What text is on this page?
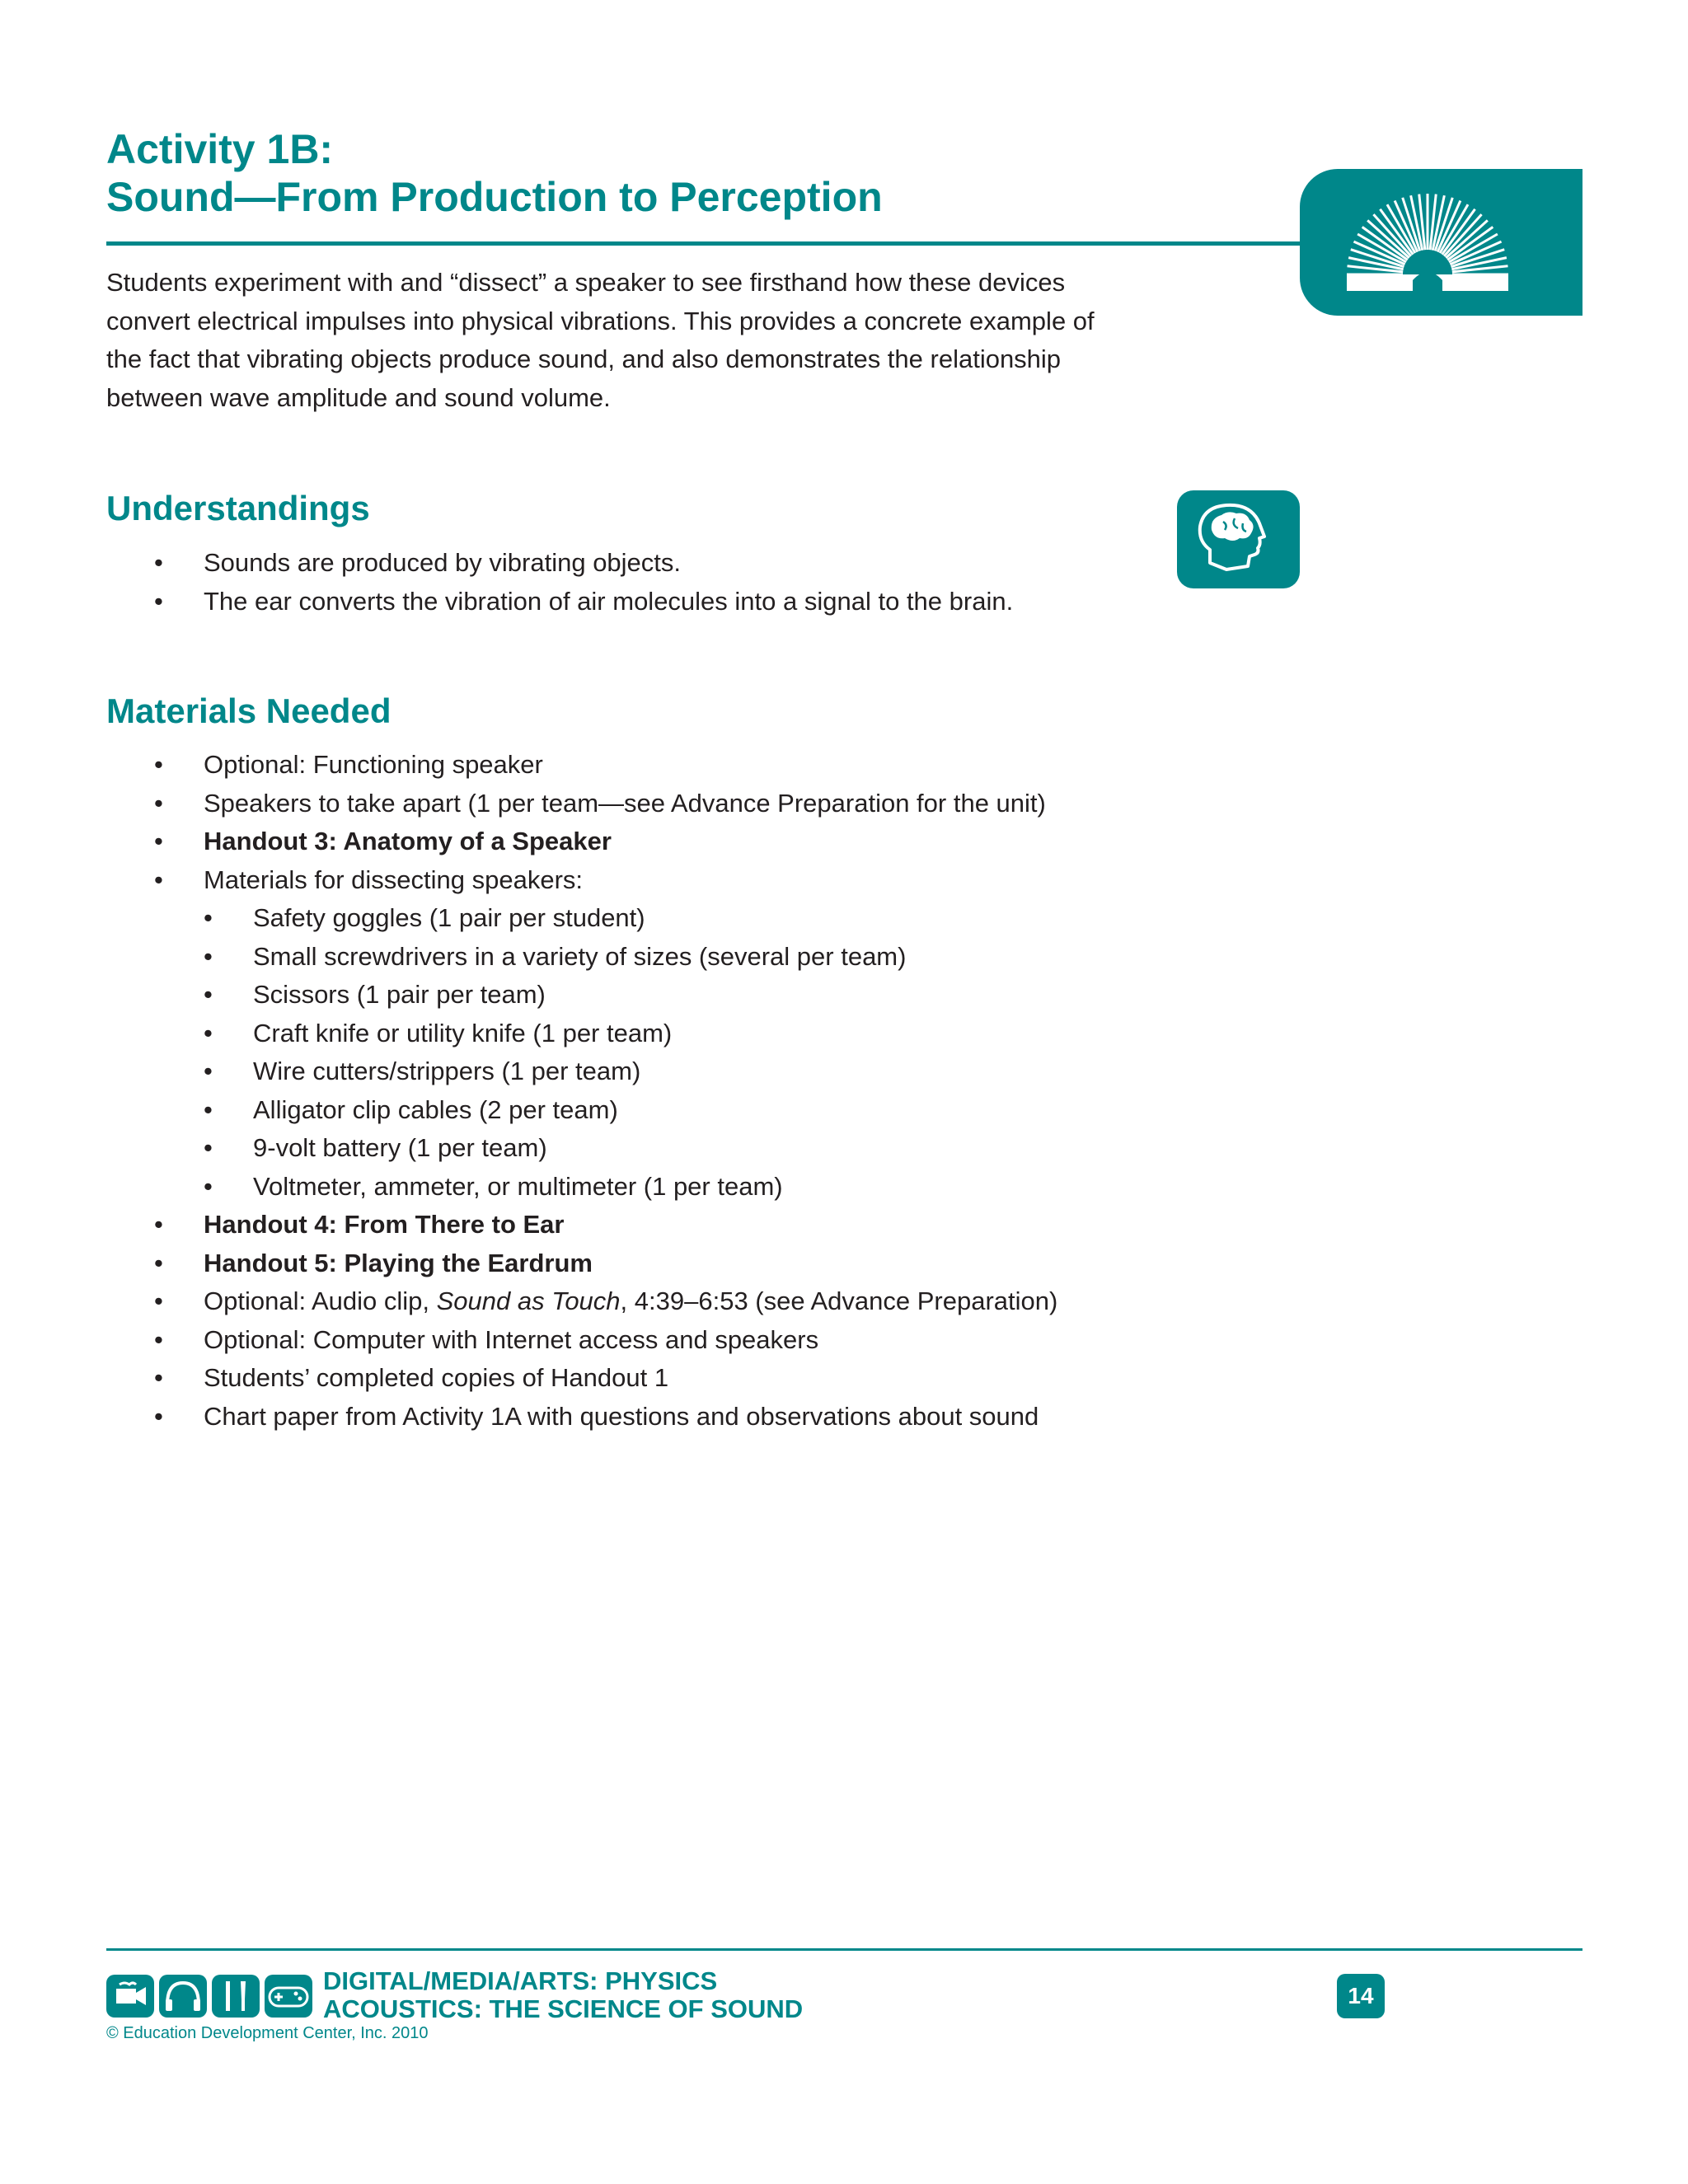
Activity 1B:
Sound—From Production to Perception

Students experiment with and “dissect” a speaker to see firsthand how these devices convert electrical impulses into physical vibrations. This provides a concrete example of the fact that vibrating objects produce sound, and also demonstrates the relationship between wave amplitude and sound volume.

Understandings
• Sounds are produced by vibrating objects.
• The ear converts the vibration of air molecules into a signal to the brain.
Materials Needed
• Optional: Functioning speaker
• Speakers to take apart (1 per team—see Advance Preparation for the unit)
• Handout 3: Anatomy of a Speaker
• Materials for dissecting speakers:
• Safety goggles (1 pair per student)
• Small screwdrivers in a variety of sizes (several per team)
• Scissors (1 pair per team)
• Craft knife or utility knife (1 per team)
• Wire cutters/strippers (1 per team)
• Alligator clip cables (2 per team)
• 9-volt battery (1 per team)
• Voltmeter, ammeter, or multimeter (1 per team)
• Handout 4: From There to Ear
• Handout 5: Playing the Eardrum
• Optional: Audio clip, Sound as Touch, 4:39–6:53 (see Advance Preparation)
• Optional: Computer with Internet access and speakers
• Students’ completed copies of Handout 1
• Chart paper from Activity 1A with questions and observations about sound
DIGITAL/MEDIA/ARTS: PHYSICS
ACOUSTICS: THE SCIENCE OF SOUND
© Education Development Center, Inc. 2010
14
